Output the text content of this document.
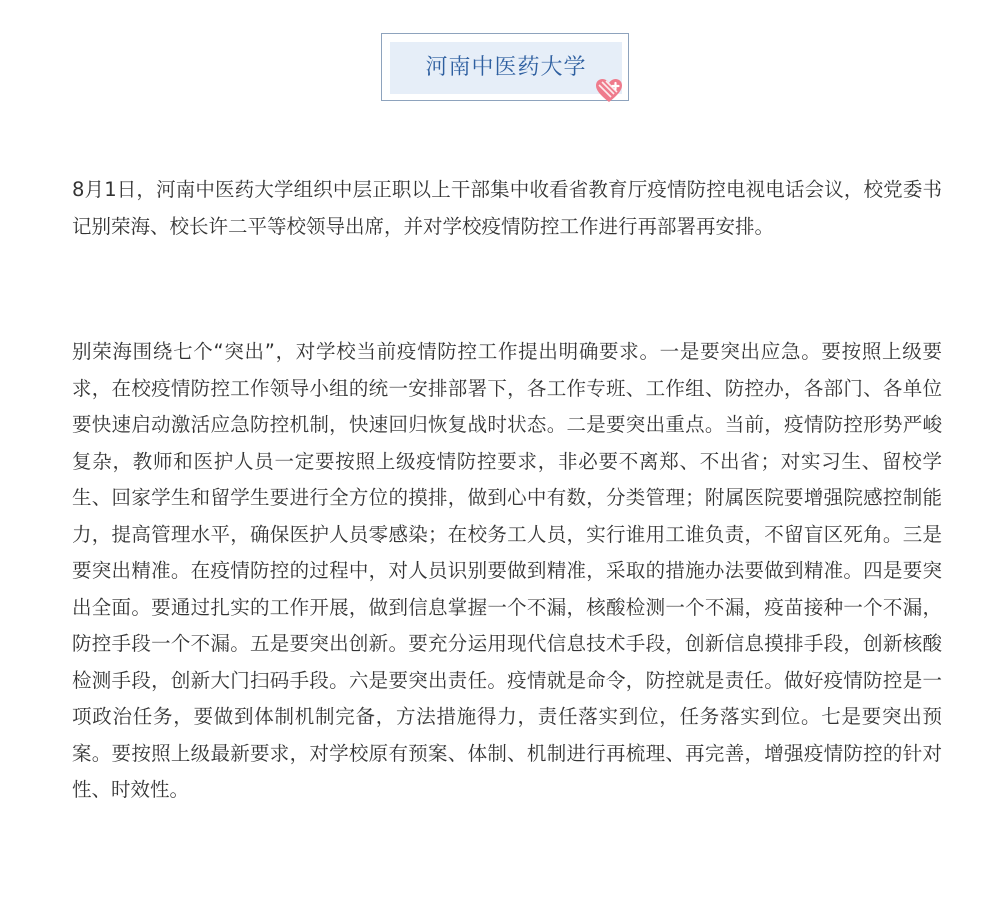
河南中医药大学

8月1日，河南中医药大学组织中层正职以上干部集中收看省教育厅疫情防控电视电话会议，校党委书记别荣海、校长许二平等校领导出席，并对学校疫情防控工作进行再部署再安排。

别荣海围绕七个“突出”，对学校当前疫情防控工作提出明确要求。一是要突出应急。要按照上级要求，在校疫情防控工作领导小组的统一安排部署下，各工作专班、工作组、防控办，各部门、各单位要快速启动激活应急防控机制，快速回归恢复战时状态。二是要突出重点。当前，疫情防控形势严峻复杂，教师和医护人员一定要按照上级疫情防控要求，非必要不离郑、不出省；对实习生、留校学生、回家学生和留学生要进行全方位的摸排，做到心中有数，分类管理；附属医院要增强院感控制能力，提高管理水平，确保医护人员零感染；在校务工人员，实行谁用工谁负责，不留盲区死角。三是要突出精准。在疫情防控的过程中，对人员识别要做到精准，采取的措施办法要做到精准。四是要突出全面。要通过扎实的工作开展，做到信息掌握一个不漏，核酸检测一个不漏，疫苗接种一个不漏，防控手段一个不漏。五是要突出创新。要充分运用现代信息技术手段，创新信息摸排手段，创新核酸检测手段，创新大门扫码手段。六是要突出责任。疫情就是命令，防控就是责任。做好疫情防控是一项政治任务，要做到体制机制完备，方法措施得力，责任落实到位，任务落实到位。七是要突出预案。要按照上级最新要求，对学校原有预案、体制、机制进行再梳理、再完善，增强疫情防控的针对性、时效性。
